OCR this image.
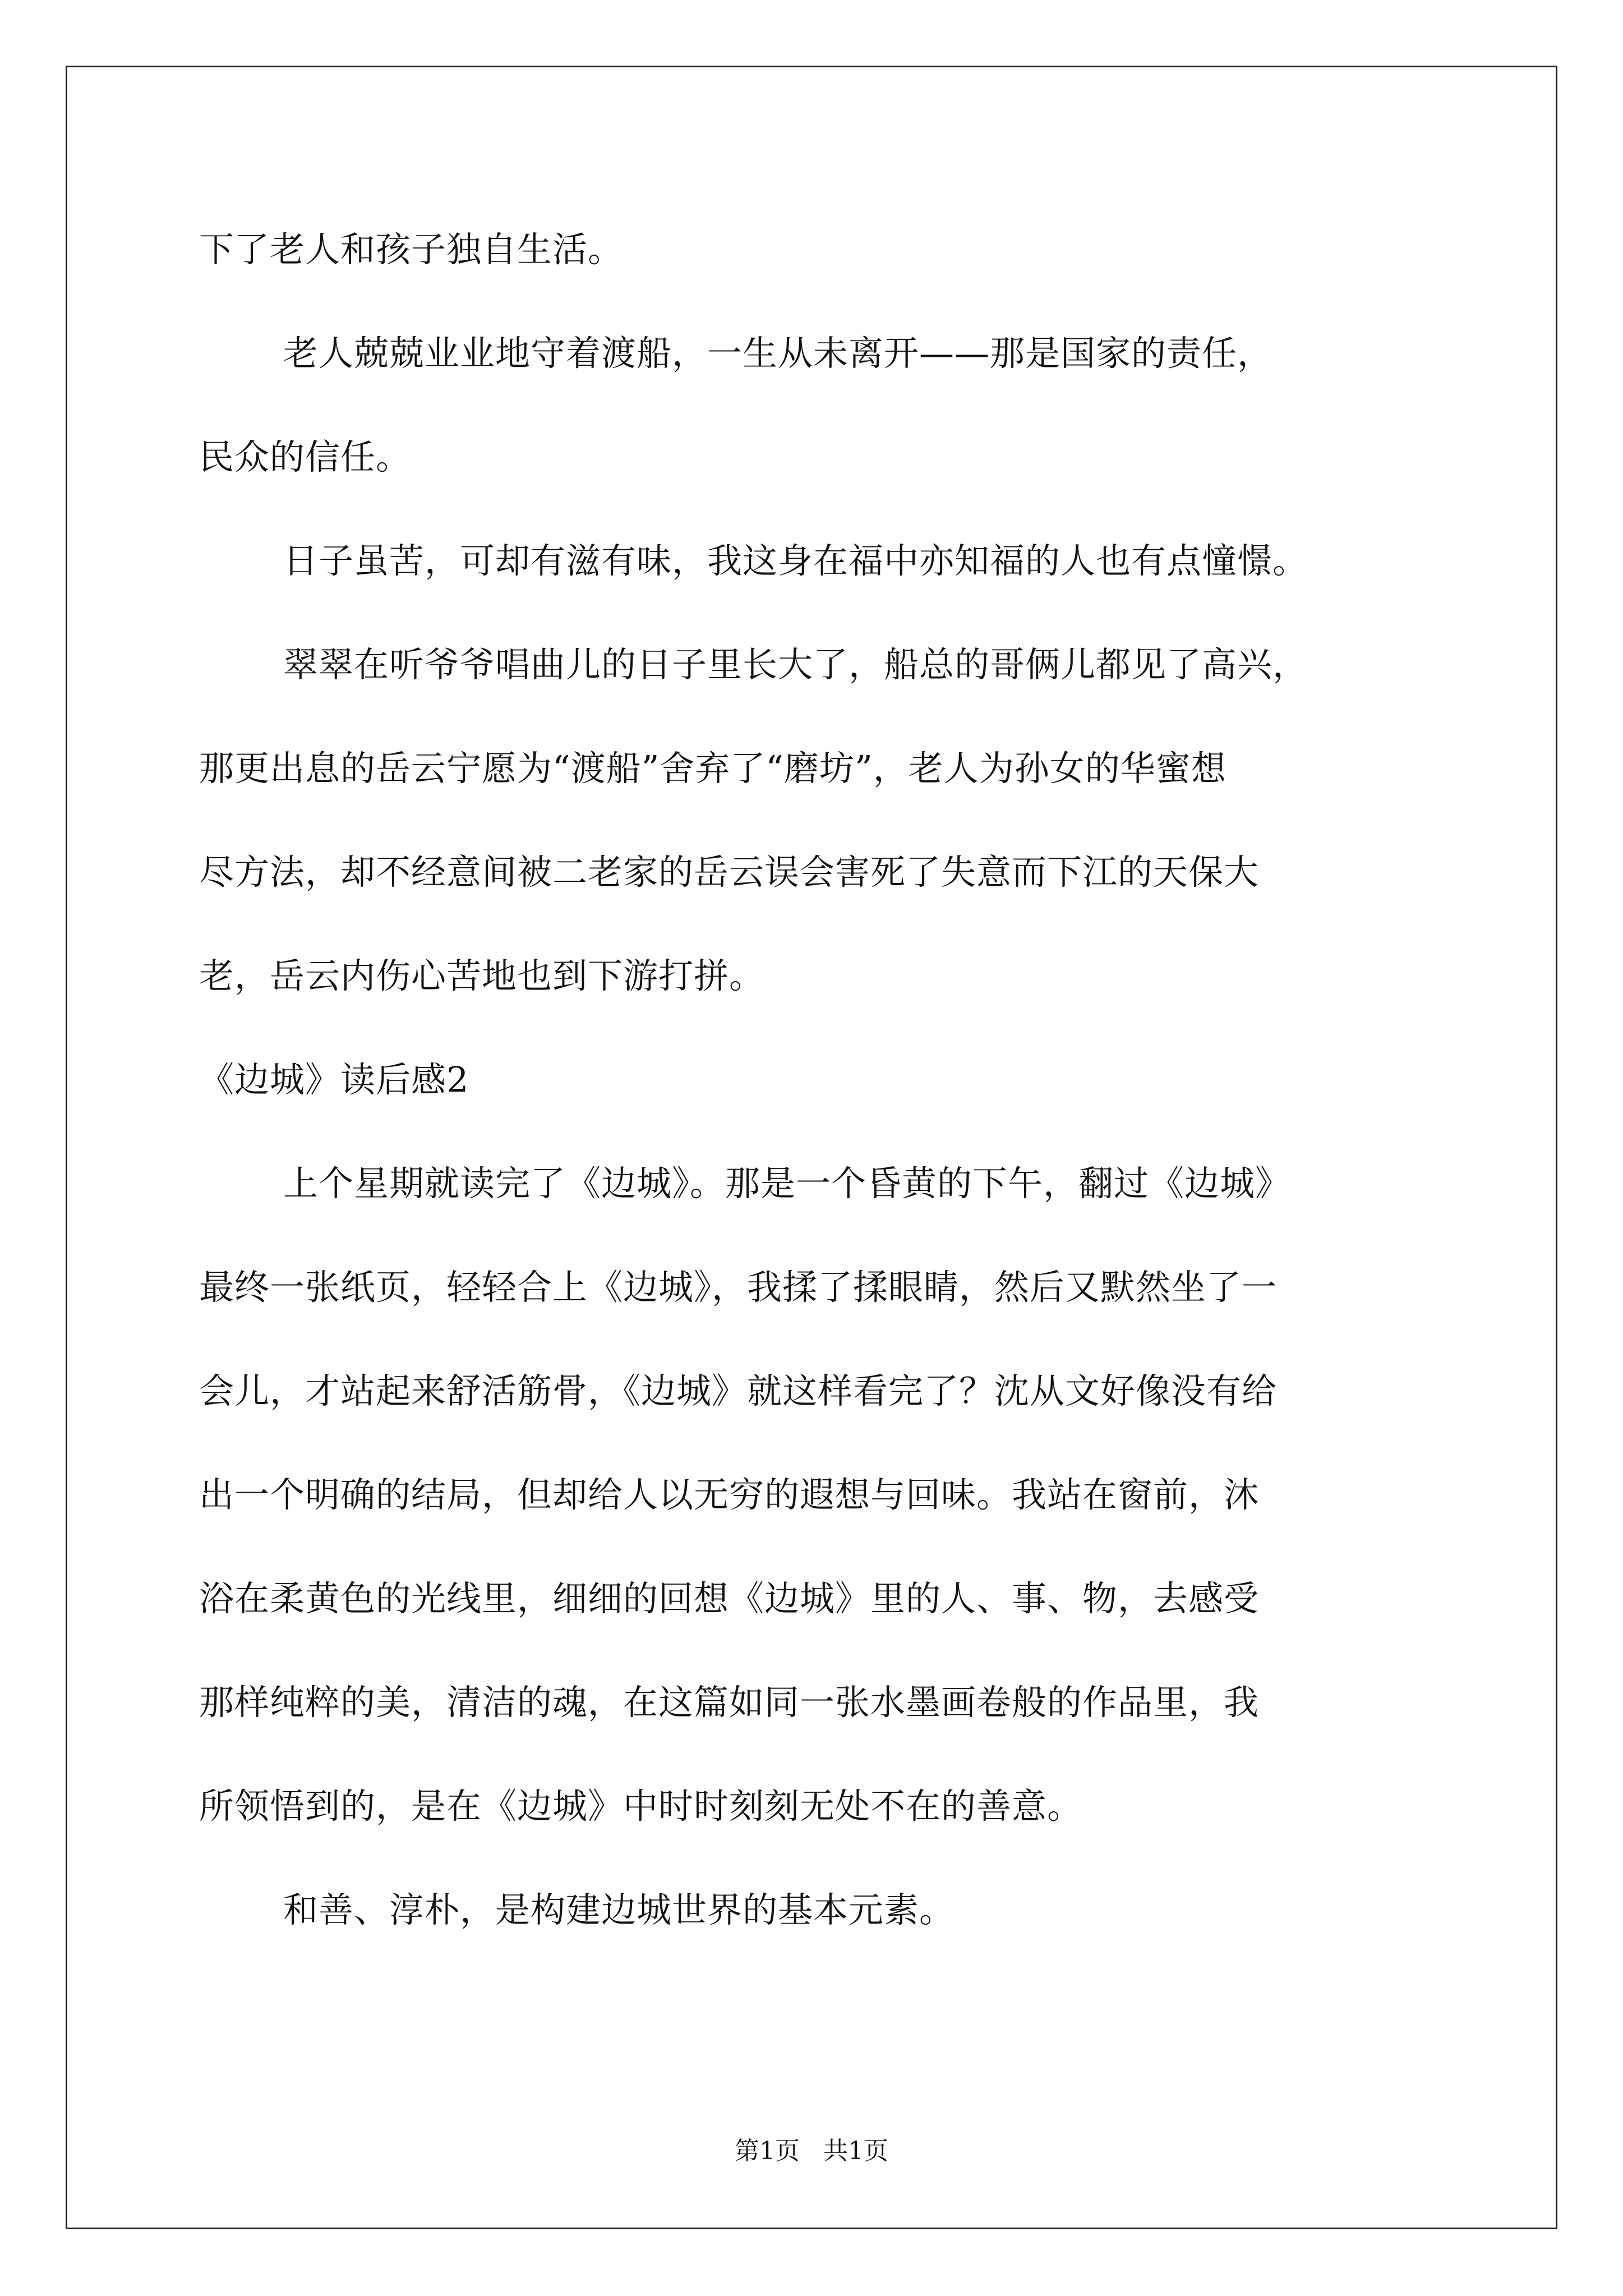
下了老人和孩子独自生活。
老人兢兢业业地守着渡船，一生从未离开——那是国家的责任，
民众的信任。
日子虽苦，可却有滋有味，我这身在福中亦知福的人也有点憧憬。
翠翠在听爷爷唱曲儿的日子里长大了，船总的哥俩儿都见了高兴，
那更出息的岳云宁愿为“渡船”舍弃了“磨坊”，老人为孙女的华蜜想
尽方法，却不经意间被二老家的岳云误会害死了失意而下江的天保大
老，岳云内伤心苦地也到下游打拼。
《边城》读后感2
上个星期就读完了《边城》。那是一个昏黄的下午，翻过《边城》
最终一张纸页，轻轻合上《边城》，我揉了揉眼睛，然后又默然坐了一
会儿，才站起来舒活筋骨，《边城》就这样看完了？沈从文好像没有给
出一个明确的结局，但却给人以无穷的遐想与回味。我站在窗前，沐
浴在柔黄色的光线里，细细的回想《边城》里的人、事、物，去感受
那样纯粹的美，清洁的魂，在这篇如同一张水墨画卷般的作品里，我
所领悟到的，是在《边城》中时时刻刻无处不在的善意。
和善、淳朴，是构建边城世界的基本元素。
第1页   共1页
